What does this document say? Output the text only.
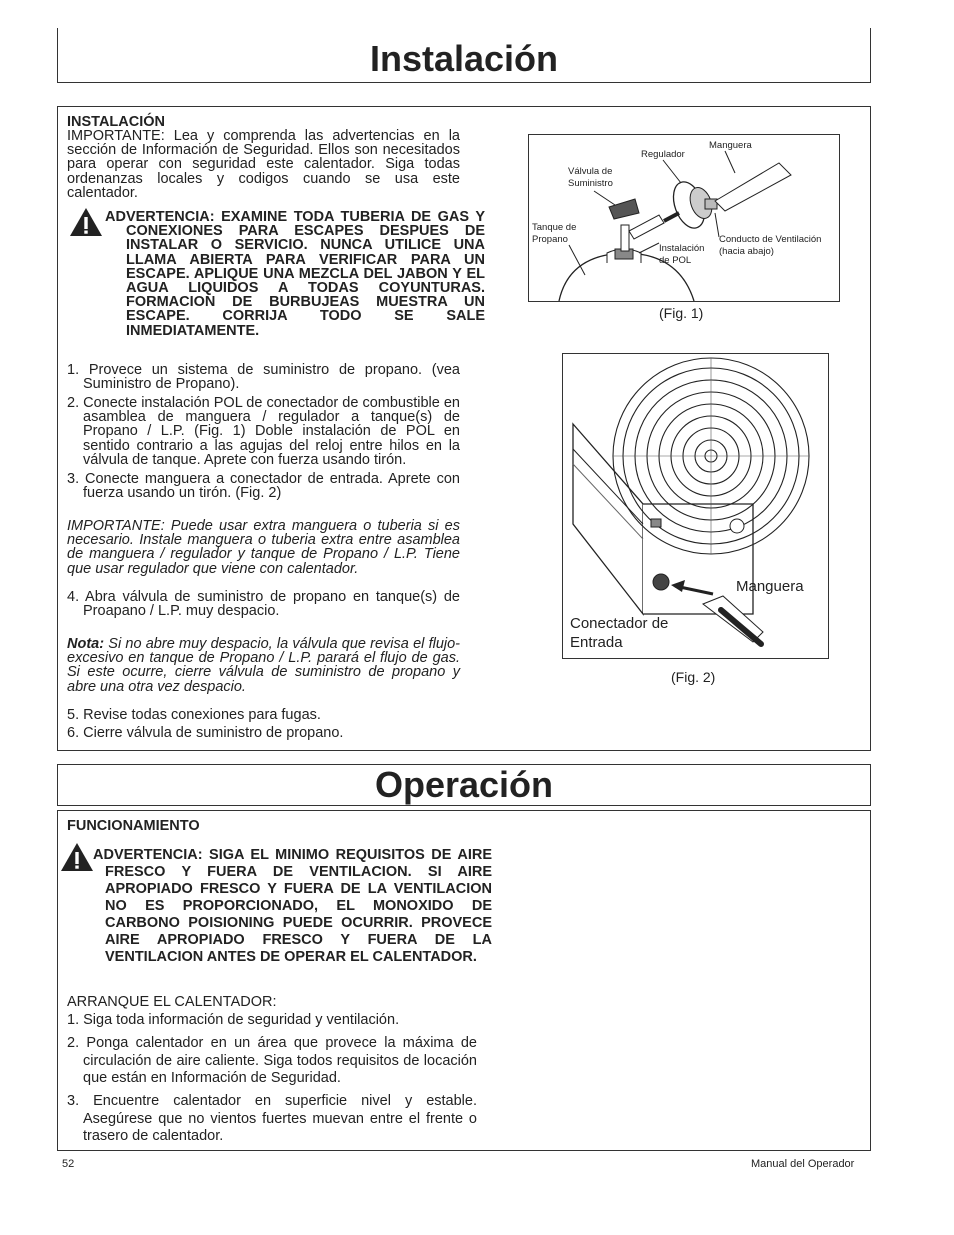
Instalación
INSTALACIÓN
IMPORTANTE: Lea y comprenda las advertencias en la sección de Información de Seguridad. Ellos son necesitados para operar con seguridad este calentador. Siga todas ordenanzas locales y codigos cuando se usa este calentador.
ADVERTENCIA: EXAMINE TODA TUBERIA DE GAS Y CONEXIONES PARA ESCAPES DESPUES DE INSTALAR O SERVICIO. NUNCA UTILICE UNA LLAMA ABIERTA PARA VERIFICAR PARA UN ESCAPE. APLIQUE UNA MEZCLA DEL JABON Y EL AGUA LIQUIDOS A TODAS COYUNTURAS. FORMACION DE BURBUJEAS MUESTRA UN ESCAPE. CORRIJA TODO SE SALE INMEDIATAMENTE.
1. Provece un sistema de suministro de propano. (vea Suministro de Propano).
2. Conecte instalación POL de conectador de combustible en asamblea de manguera / regulador a tanque(s) de Propano / L.P. (Fig. 1) Doble instalación de POL en sentido contrario a las agujas del reloj entre hilos en la válvula de tanque. Aprete con fuerza usando tirón.
3. Conecte manguera a conectador de entrada. Aprete con fuerza usando un tirón. (Fig. 2)
IMPORTANTE: Puede usar extra manguera o tuberia si es necesario. Instale manguera o tuberia extra entre asamblea de manguera / regulador y tanque de Propano / L.P. Tiene que usar regulador que viene con calentador.
4. Abra válvula de suministro de propano en tanque(s) de Proapano / L.P. muy despacio.
Nota: Si no abre muy despacio, la válvula que revisa el flujo-excesivo en tanque de Propano / L.P. parará el flujo de gas. Si este ocurre, cierre válvula de suministro de propano y abre una otra vez despacio.
5. Revise todas conexiones para fugas.
6. Cierre válvula de suministro de propano.
Manguera
Regulador
Válvula de
Suministro
Tanque de
Propano
Instalación
de POL
Conducto de Ventilación
(hacia abajo)
(Fig. 1)
Manguera
Conectador de
Entrada
(Fig. 2)
Operación
FUNCIONAMIENTO
ADVERTENCIA: SIGA EL MINIMO REQUISITOS DE AIRE FRESCO Y FUERA DE VENTILACION. SI AIRE APROPIADO FRESCO Y FUERA DE LA VENTILACION NO ES PROPORCIONADO, EL MONOXIDO DE CARBONO POISIONING PUEDE OCURRIR. PROVECE AIRE APROPIADO FRESCO Y FUERA DE LA VENTILACION ANTES DE OPERAR EL CALENTADOR.
ARRANQUE EL CALENTADOR:
1. Siga toda información de seguridad y ventilación.
2. Ponga calentador en un área que provece la máxima de circulación de aire caliente. Siga todos requisitos de locación que están en Información de Seguridad.
3. Encuentre calentador en superficie nivel y estable. Asegúrese que no vientos fuertes muevan entre el frente o trasero de calentador.
52	Manual del Operador
